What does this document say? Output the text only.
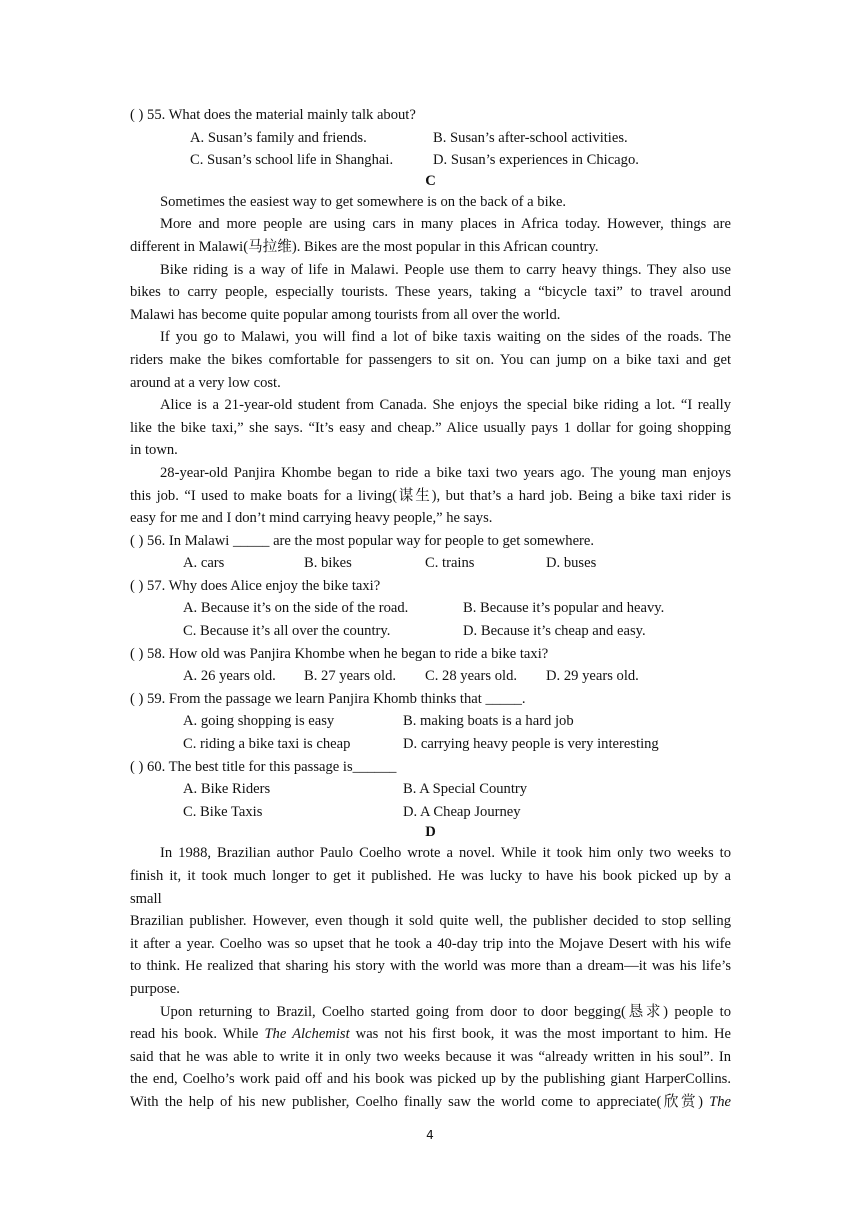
( ) 55. What does the material mainly talk about?
A. Susan’s family and friends.	B. Susan’s after-school activities.
C. Susan’s school life in Shanghai.	D. Susan’s experiences in Chicago.
C
Sometimes the easiest way to get somewhere is on the back of a bike.
More and more people are using cars in many places in Africa today. However, things are
different in Malawi(马拉维). Bikes are the most popular in this African country.
Bike riding is a way of life in Malawi. People use them to carry heavy things. They also use
bikes to carry people, especially tourists. These years, taking a “bicycle taxi” to travel around
Malawi has become quite popular among tourists from all over the world.
If you go to Malawi, you will find a lot of bike taxis waiting on the sides of the roads. The
riders make the bikes comfortable for passengers to sit on. You can jump on a bike taxi and get
around at a very low cost.
Alice is a 21-year-old student from Canada. She enjoys the special bike riding a lot. “I really
like the bike taxi,” she says. “It’s easy and cheap.” Alice usually pays 1 dollar for going shopping
in town.
28-year-old Panjira Khombe began to ride a bike taxi two years ago. The young man enjoys
this job. “I used to make boats for a living(谋生), but that’s a hard job. Being a bike taxi rider is
easy for me and I don’t mind carrying heavy people,” he says.
( ) 56. In Malawi _____ are the most popular way for people to get somewhere.
A. cars	B. bikes	C. trains	D. buses
( ) 57. Why does Alice enjoy the bike taxi?
A. Because it’s on the side of the road.	B. Because it’s popular and heavy.
C. Because it’s all over the country.	D. Because it’s cheap and easy.
( ) 58. How old was Panjira Khombe when he began to ride a bike taxi?
A. 26 years old.	B. 27 years old.	C. 28 years old.	D. 29 years old.
( ) 59. From the passage we learn Panjira Khomb thinks that _____.
A. going shopping is easy	B. making boats is a hard job
C. riding a bike taxi is cheap	D. carrying heavy people is very interesting
( ) 60. The best title for this passage is______
A. Bike Riders	B. A Special Country
C. Bike Taxis	D. A Cheap Journey
D
In 1988, Brazilian author Paulo Coelho wrote a novel. While it took him only two weeks to
finish it, it took much longer to get it published. He was lucky to have his book picked up by a
small
Brazilian publisher. However, even though it sold quite well, the publisher decided to stop selling
it after a year. Coelho was so upset that he took a 40-day trip into the Mojave Desert with his wife
to think. He realized that sharing his story with the world was more than a dream—it was his life’s
purpose.
Upon returning to Brazil, Coelho started going from door to door begging(恳求) people to
read his book. While The Alchemist was not his first book, it was the most important to him. He
said that he was able to write it in only two weeks because it was “already written in his soul”. In
the end, Coelho’s work paid off and his book was picked up by the publishing giant HarperCollins.
With the help of his new publisher, Coelho finally saw the world come to appreciate(欣赏) The
4
